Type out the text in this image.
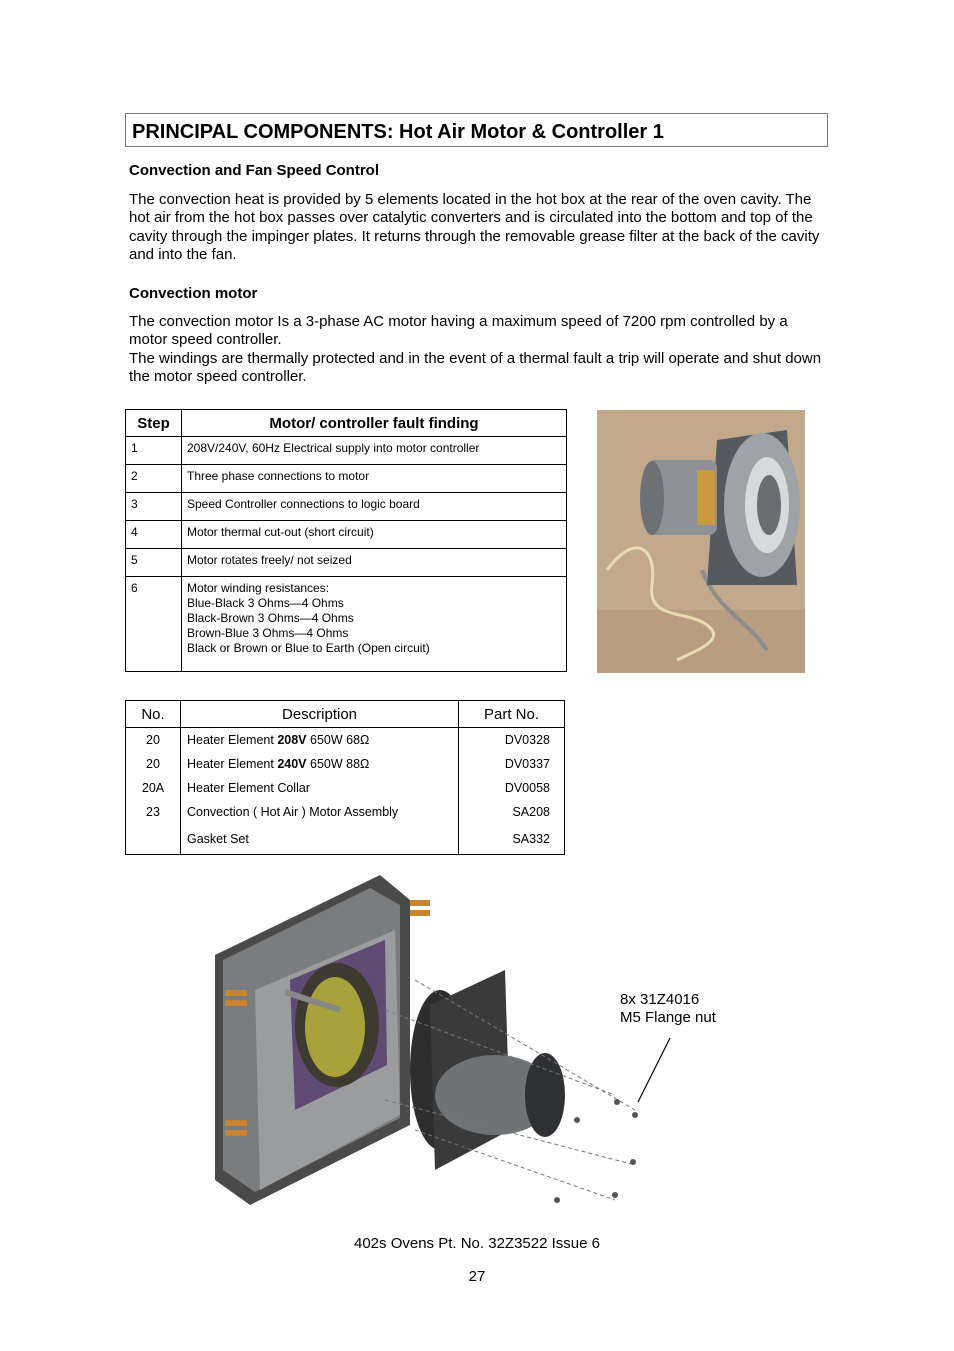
PRINCIPAL COMPONENTS: Hot Air Motor & Controller 1
Convection and Fan Speed Control

The convection heat is provided by 5 elements located in the hot box at the rear of the oven cavity. The hot air from the hot box passes over catalytic converters and is circulated into the bottom and top of the cavity through the impinger plates. It returns through the removable grease filter at the back of the cavity and into the fan.

Convection motor

The convection motor Is a 3-phase AC motor having a maximum speed of 7200 rpm controlled by a motor speed controller.

The windings are thermally protected and in the event of a thermal fault a trip will operate and shut down the motor speed controller.

Step	Motor/ controller fault finding
1	208V/240V, 60Hz Electrical supply into motor controller
2	Three phase connections to motor
3	Speed Controller connections to logic board
4	Motor thermal cut-out (short circuit)
5	Motor rotates freely/ not seized
6	Motor winding resistances:
Blue-Black 3 Ohms—4 Ohms
Black-Brown 3 Ohms—4 Ohms
Brown-Blue 3 Ohms—4 Ohms
Black or Brown or Blue to Earth (Open circuit)
No.	Description	Part No.
20	Heater Element 208V 650W 68Ω	DV0328
20	Heater Element 240V 650W 88Ω	DV0337
20A	Heater Element Collar	DV0058
23	Convection ( Hot Air ) Motor Assembly	SA208
	Gasket Set	SA332
8x 31Z4016
M5 Flange nut
402s Ovens Pt. No. 32Z3522 Issue 6
27
